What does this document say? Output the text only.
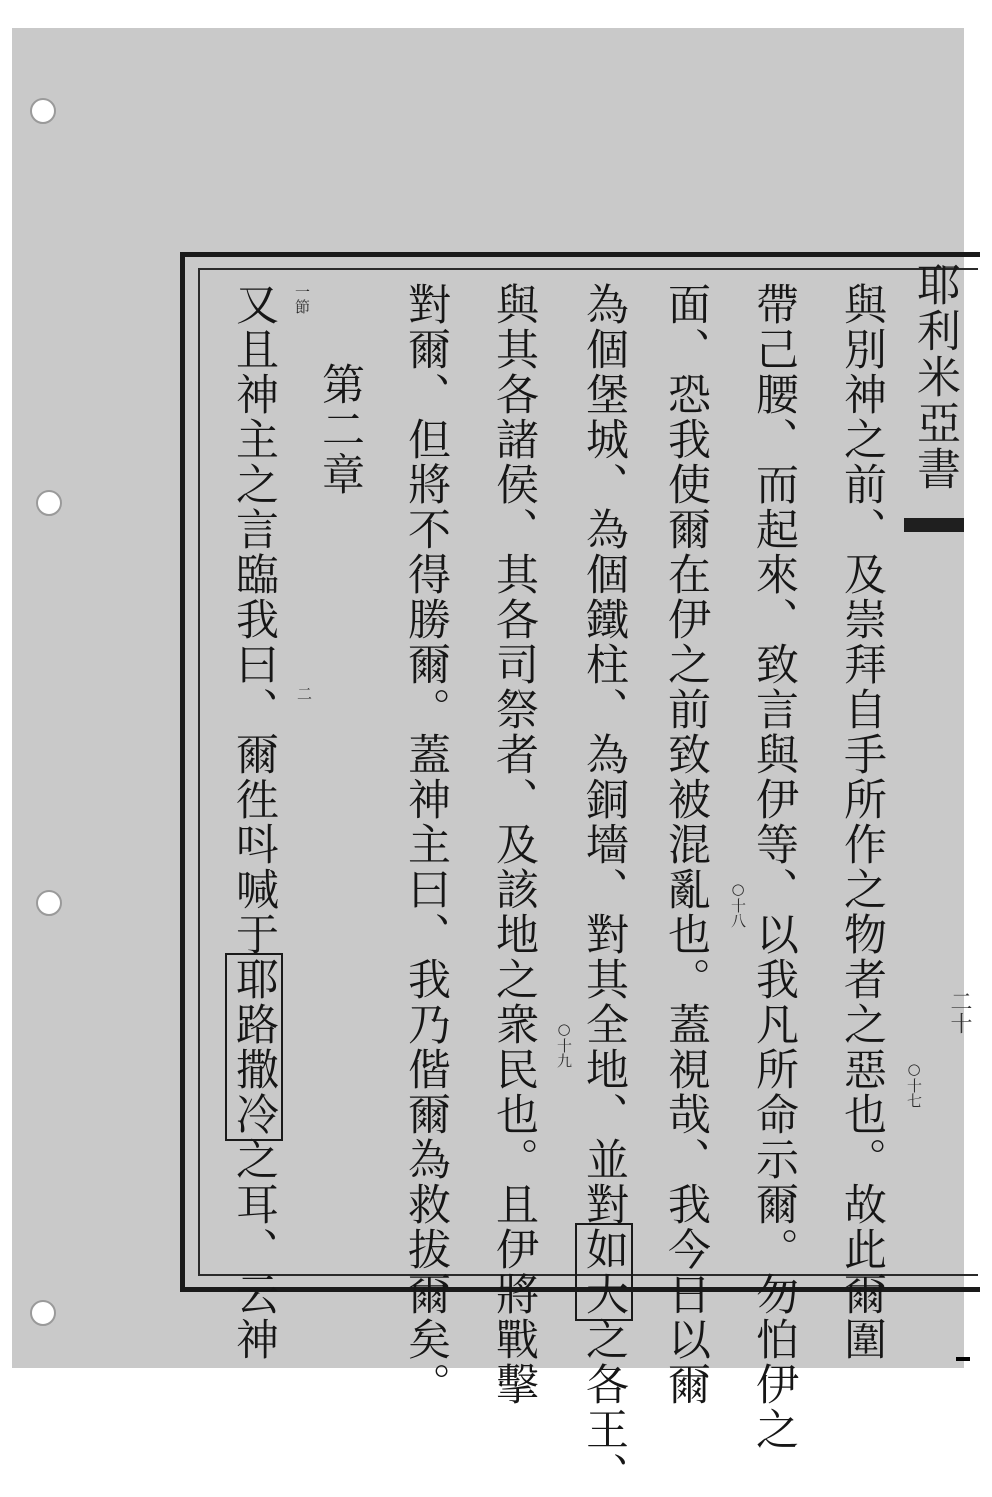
耶利米亞書
二十
與別神之前、及崇拜自手所作之物者之惡也。故此爾圍
帶己腰、而起來、致言與伊等、以我凡所命示爾。勿怕伊之
面、恐我使爾在伊之前致被混亂也。蓋視哉、我今日以爾
為個堡城、為個鐵柱、為銅墻、對其全地、並對如大之各王、
與其各諸侯、其各司祭者、及該地之衆民也。且伊將戰擊
對爾、但將不得勝爾。蓋神主曰、我乃偕爾為救拔爾矣。
第二章
又且神主之言臨我曰、爾徃呌喊于耶路撒冷之耳、云神
○十七
○十八
○十九
二
一節
